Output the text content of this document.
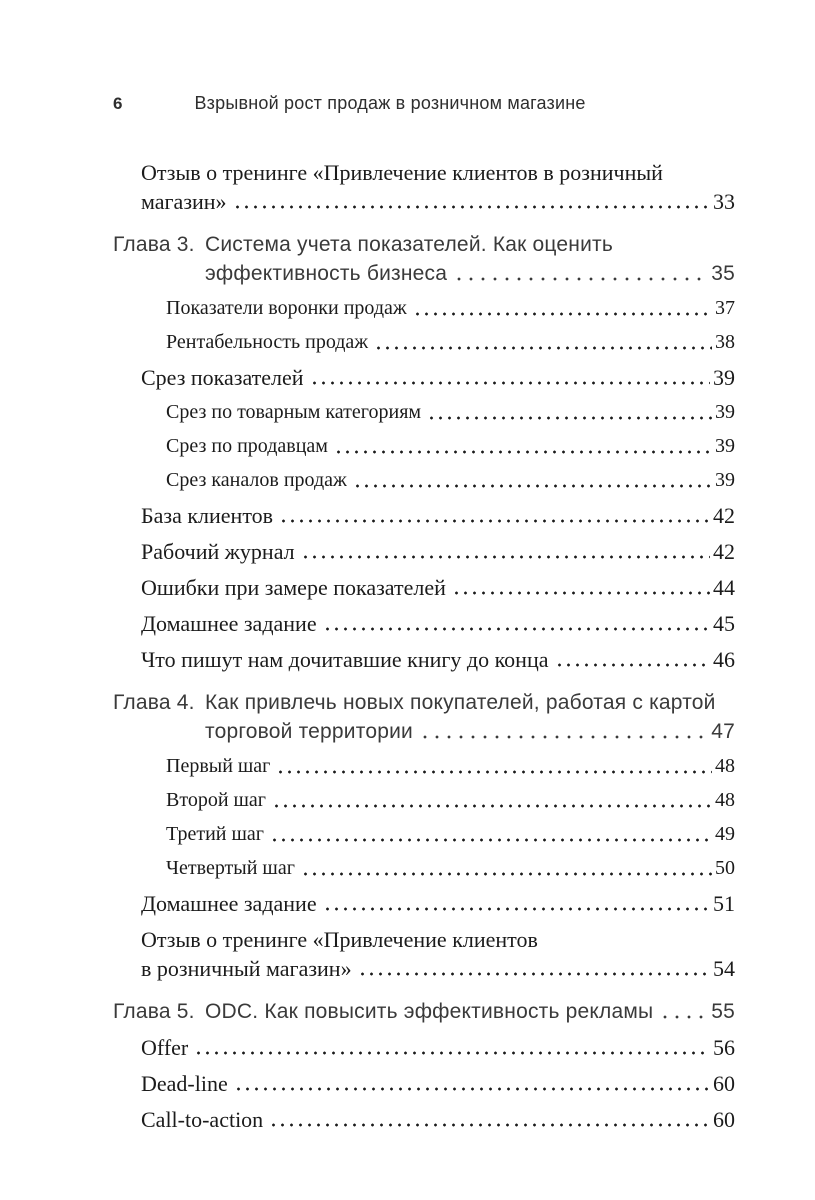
6	Взрывной рост продаж в розничном магазине
Отзыв о тренинге «Привлечение клиентов в розничный
магазин»	33
Глава 3. Система учета показателей. Как оценить
эффективность бизнеса	35
Показатели воронки продаж	37
Рентабельность продаж	38
Срез показателей	39
Срез по товарным категориям	39
Срез по продавцам	39
Срез каналов продаж	39
База клиентов	42
Рабочий журнал	42
Ошибки при замере показателей	44
Домашнее задание	45
Что пишут нам дочитавшие книгу до конца	46
Глава 4. Как привлечь новых покупателей, работая с картой
торговой территории	47
Первый шаг	48
Второй шаг	48
Третий шаг	49
Четвертый шаг	50
Домашнее задание	51
Отзыв о тренинге «Привлечение клиентов
в розничный магазин»	54
Глава 5. ODC. Как повысить эффективность рекламы	55
Offer	56
Dead-line	60
Call-to-action	60
